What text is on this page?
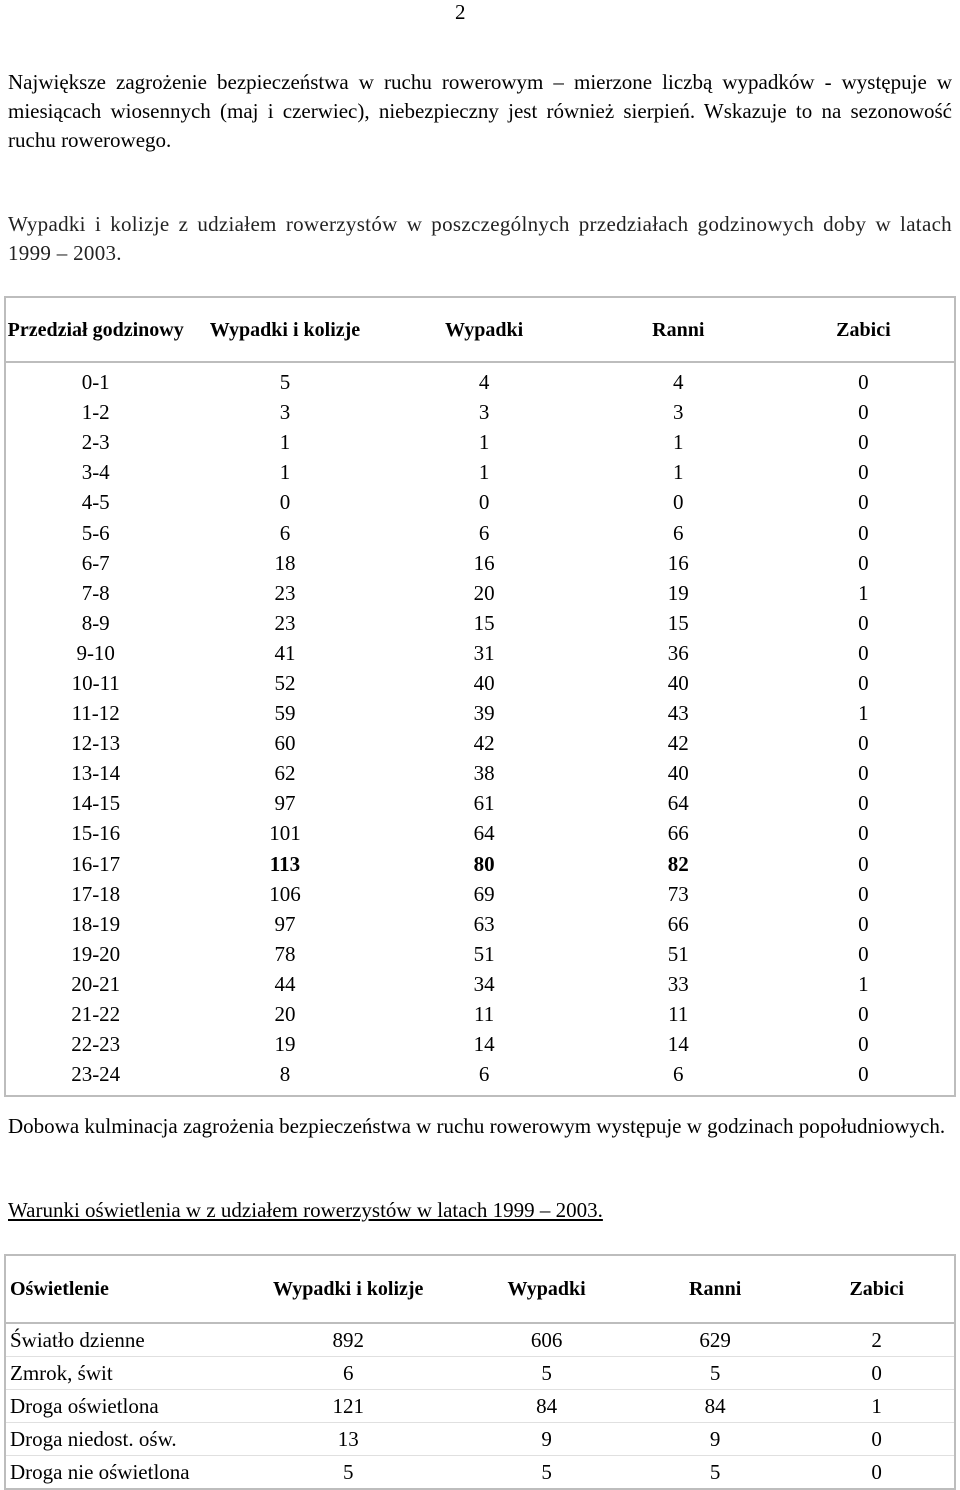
2
Największe zagrożenie bezpieczeństwa w ruchu rowerowym – mierzone liczbą wypadków - występuje w miesiącach wiosennych (maj i czerwiec), niebezpieczny jest również sierpień. Wskazuje to na sezonowość ruchu rowerowego.
Wypadki i kolizje z udziałem rowerzystów w poszczególnych przedziałach godzinowych doby w latach 1999 – 2003.
Przedział godzinowy	Wypadki i kolizje	Wypadki	Ranni	Zabici
0-1	5	4	4	0
1-2	3	3	3	0
2-3	1	1	1	0
3-4	1	1	1	0
4-5	0	0	0	0
5-6	6	6	6	0
6-7	18	16	16	0
7-8	23	20	19	1
8-9	23	15	15	0
9-10	41	31	36	0
10-11	52	40	40	0
11-12	59	39	43	1
12-13	60	42	42	0
13-14	62	38	40	0
14-15	97	61	64	0
15-16	101	64	66	0
16-17	113	80	82	0
17-18	106	69	73	0
18-19	97	63	66	0
19-20	78	51	51	0
20-21	44	34	33	1
21-22	20	11	11	0
22-23	19	14	14	0
23-24	8	6	6	0
Dobowa kulminacja zagrożenia bezpieczeństwa w ruchu rowerowym występuje w godzinach popołudniowych.
Warunki oświetlenia w z udziałem rowerzystów w latach 1999 – 2003.
Oświetlenie	Wypadki i kolizje	Wypadki	Ranni	Zabici
Światło dzienne	892	606	629	2
Zmrok, świt	6	5	5	0
Droga oświetlona	121	84	84	1
Droga niedost. ośw.	13	9	9	0
Droga nie oświetlona	5	5	5	0
